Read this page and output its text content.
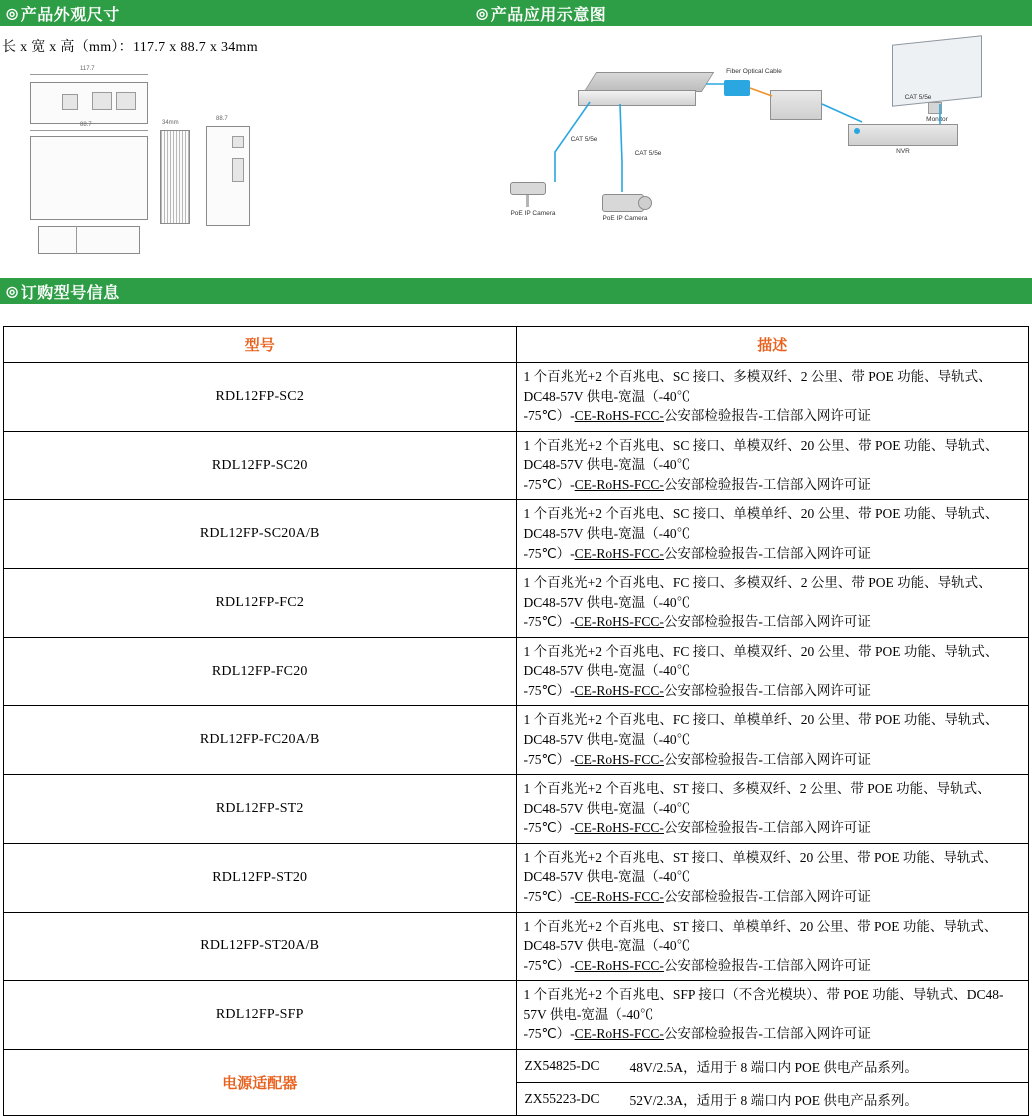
◎ 产品外观尺寸
长 x 宽 x 高（mm）：117.7 x 88.7 x 34mm
117.7
88.7	34mm
88.7
◎ 产品应用示意图
Monitor
Fiber Optical Cable
NVR
CAT 5/5e
CAT 5/5e
CAT 5/5e
PoE IP Camera
PoE IP Camera
◎ 订购型号信息
型号	描述
RDL12FP-SC2	1 个百兆光+2 个百兆电、SC 接口、多模双纤、2 公里、带 POE 功能、导轨式、DC48-57V 供电-宽温（-40℃
-75℃）-CE-RoHS-FCC-公安部检验报告-工信部入网许可证

RDL12FP-SC20	1 个百兆光+2 个百兆电、SC 接口、单模双纤、20 公里、带 POE 功能、导轨式、DC48-57V 供电-宽温（-40℃
-75℃）-CE-RoHS-FCC-公安部检验报告-工信部入网许可证

RDL12FP-SC20A/B	1 个百兆光+2 个百兆电、SC 接口、单模单纤、20 公里、带 POE 功能、导轨式、DC48-57V 供电-宽温（-40℃
-75℃）-CE-RoHS-FCC-公安部检验报告-工信部入网许可证

RDL12FP-FC2	1 个百兆光+2 个百兆电、FC 接口、多模双纤、2 公里、带 POE 功能、导轨式、DC48-57V 供电-宽温（-40℃
-75℃）-CE-RoHS-FCC-公安部检验报告-工信部入网许可证

RDL12FP-FC20	1 个百兆光+2 个百兆电、FC 接口、单模双纤、20 公里、带 POE 功能、导轨式、DC48-57V 供电-宽温（-40℃
-75℃）-CE-RoHS-FCC-公安部检验报告-工信部入网许可证

RDL12FP-FC20A/B	1 个百兆光+2 个百兆电、FC 接口、单模单纤、20 公里、带 POE 功能、导轨式、DC48-57V 供电-宽温（-40℃
-75℃）-CE-RoHS-FCC-公安部检验报告-工信部入网许可证

RDL12FP-ST2	1 个百兆光+2 个百兆电、ST 接口、多模双纤、2 公里、带 POE 功能、导轨式、DC48-57V 供电-宽温（-40℃
-75℃）-CE-RoHS-FCC-公安部检验报告-工信部入网许可证

RDL12FP-ST20	1 个百兆光+2 个百兆电、ST 接口、单模双纤、20 公里、带 POE 功能、导轨式、DC48-57V 供电-宽温（-40℃
-75℃）-CE-RoHS-FCC-公安部检验报告-工信部入网许可证

RDL12FP-ST20A/B	1 个百兆光+2 个百兆电、ST 接口、单模单纤、20 公里、带 POE 功能、导轨式、DC48-57V 供电-宽温（-40℃
-75℃）-CE-RoHS-FCC-公安部检验报告-工信部入网许可证

RDL12FP-SFP	1 个百兆光+2 个百兆电、SFP 接口（不含光模块）、带 POE 功能、导轨式、DC48-57V 供电-宽温（-40℃
-75℃）-CE-RoHS-FCC-公安部检验报告-工信部入网许可证

电源适配器	
ZX54825-DC	48V/2.5A，适用于 8 端口内 POE 供电产品系列。

ZX55223-DC	52V/2.3A，适用于 8 端口内 POE 供电产品系列。
